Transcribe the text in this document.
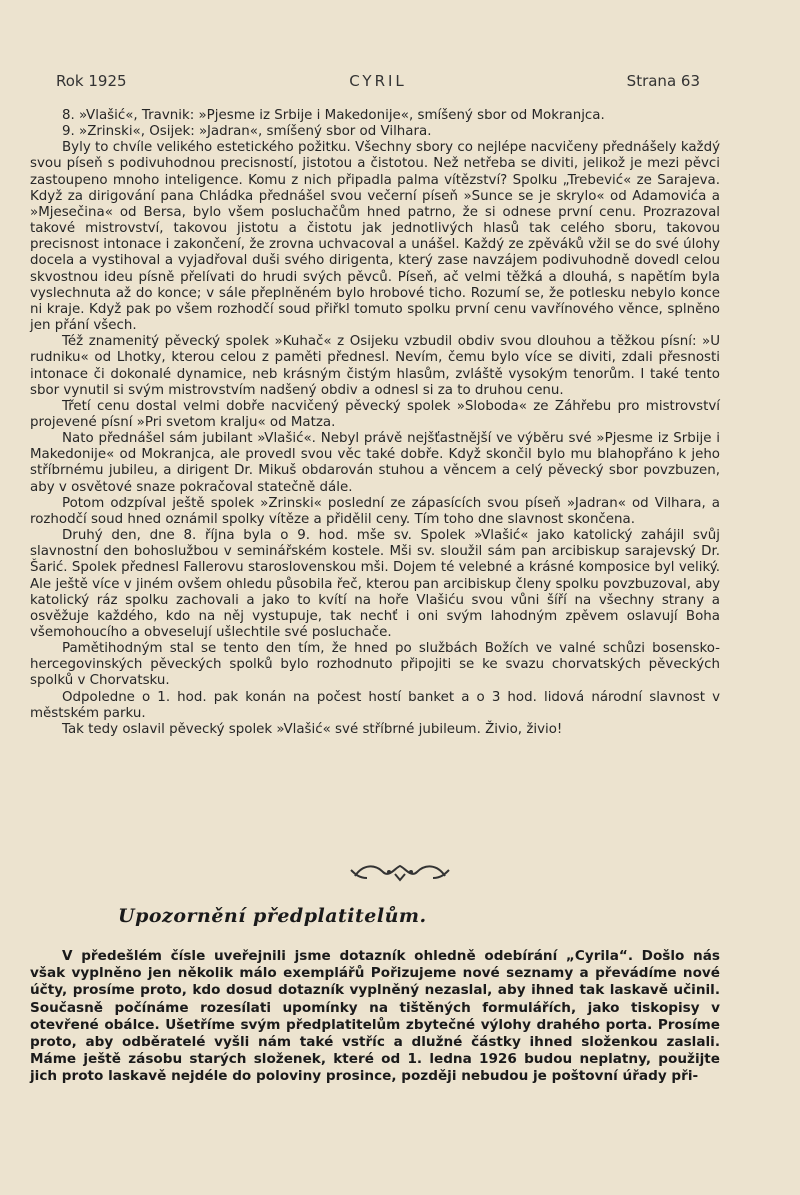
Rok 1925	CYRIL	Strana 63

8. »Vlašić«, Travnik: »Pjesme iz Srbije i Makedonije«, smíšený sbor od Mokranjca.

9. »Zrinski«, Osijek: »Jadran«, smíšený sbor od Vilhara.

Byly to chvíle velikého estetického požitku. Všechny sbory co nejlépe nacvičeny přednášely každý svou píseň s podivuhodnou precisností, jistotou a čistotou. Než netřeba se diviti, jelikož je mezi pěvci zastoupeno mnoho inteligence. Komu z nich připadla palma vítězství? Spolku „Trebević« ze Sarajeva. Když za dirigování pana Chládka přednášel svou večerní píseň »Sunce se je skrylo« od Adamovića a »Mjesečina« od Bersa, bylo všem posluchačům hned patrno, že si odnese první cenu. Prozrazoval takové mistrovství, takovou jistotu a čistotu jak jednotlivých hlasů tak celého sboru, takovou precisnost intonace i zakončení, že zrovna uchvacoval a unášel. Každý ze zpěváků vžil se do své úlohy docela a vystihoval a vyjadřoval duši svého dirigenta, který zase navzájem podivuhodně dovedl celou skvostnou ideu písně přelívati do hrudi svých pěvců. Píseň, ač velmi těžká a dlouhá, s napětím byla vyslechnuta až do konce; v sále přeplněném bylo hrobové ticho. Rozumí se, že potlesku nebylo konce ni kraje. Když pak po všem rozhodčí soud přiřkl tomuto spolku první cenu vavřínového věnce, splněno jen přání všech.

Též znamenitý pěvecký spolek »Kuhač« z Osijeku vzbudil obdiv svou dlouhou a těžkou písní: »U rudniku« od Lhotky, kterou celou z paměti přednesl. Nevím, čemu bylo více se diviti, zdali přesnosti intonace či dokonalé dynamice, neb krásným čistým hlasům, zvláště vysokým tenorům. I také tento sbor vynutil si svým mistrovstvím nadšený obdiv a odnesl si za to druhou cenu.

Třetí cenu dostal velmi dobře nacvičený pěvecký spolek »Sloboda« ze Záhřebu pro mistrovství projevené písní »Pri svetom kralju« od Matza.

Nato přednášel sám jubilant »Vlašić«. Nebyl právě nejšťastnější ve výběru své »Pjesme iz Srbije i Makedonije« od Mokranjca, ale provedl svou věc také dobře. Když skončil bylo mu blahopřáno k jeho stříbrnému jubileu, a dirigent Dr. Mikuš obdarován stuhou a věncem a celý pěvecký sbor povzbuzen, aby v osvětové snaze pokračoval statečně dále.

Potom odzpíval ještě spolek »Zrinski« poslední ze zápasících svou píseň »Jadran« od Vilhara, a rozhodčí soud hned oznámil spolky vítěze a přidělil ceny. Tím toho dne slavnost skončena.

Druhý den, dne 8. října byla o 9. hod. mše sv. Spolek »Vlašić« jako katolický zahájil svůj slavnostní den bohoslužbou v seminářském kostele. Mši sv. sloužil sám pan arcibiskup sarajevský Dr. Šarić. Spolek přednesl Fallerovu staroslovenskou mši. Dojem té velebné a krásné komposice byl veliký. Ale ještě více v jiném ovšem ohledu působila řeč, kterou pan arcibiskup členy spolku povzbuzoval, aby katolický ráz spolku zachovali a jako to kvítí na hoře Vlašiću svou vůni šíří na všechny strany a osvěžuje každého, kdo na něj vystupuje, tak nechť i oni svým lahodným zpěvem oslavují Boha všemohoucího a obveselují ušlechtile své posluchače.

Pamětihodným stal se tento den tím, že hned po službách Božích ve valné schůzi bosensko-hercegovinských pěveckých spolků bylo rozhodnuto připojiti se ke svazu chorvatských pěveckých spolků v Chorvatsku.

Odpoledne o 1. hod. pak konán na počest hostí banket a o 3 hod. lidová národní slavnost v městském parku.

Tak tedy oslavil pěvecký spolek »Vlašić« své stříbrné jubileum. Živio, živio!

Upozornění předplatitelům.

V předešlém čísle uveřejnili jsme dotazník ohledně odebírání „Cyrila“. Došlo nás však vyplněno jen několik málo exemplářů Pořizujeme nové seznamy a převádíme nové účty, prosíme proto, kdo dosud dotazník vyplněný nezaslal, aby ihned tak laskavě učinil. Současně počínáme rozesílati upomínky na tištěných formulářích, jako tiskopisy v otevřené obálce. Ušetříme svým předplatitelům zbytečné výlohy drahého porta. Prosíme proto, aby odběratelé vyšli nám také vstříc a dlužné částky ihned složenkou zaslali. Máme ještě zásobu starých složenek, které od 1. ledna 1926 budou neplatny, použijte jich proto laskavě nejdéle do poloviny prosince, později nebudou je poštovní úřady při-
